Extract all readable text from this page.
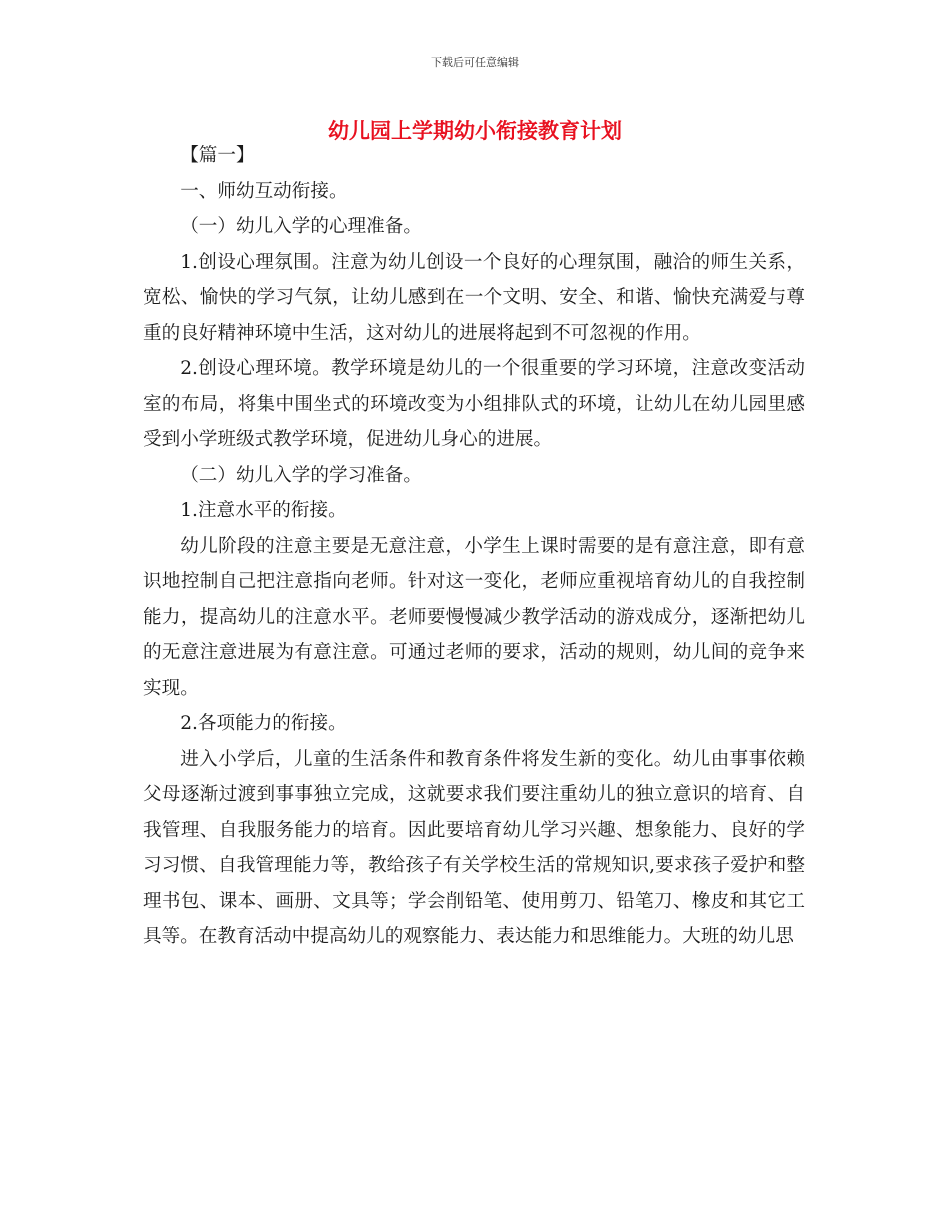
下载后可任意编辑
幼儿园上学期幼小衔接教育计划

【篇一】

一、师幼互动衔接。

（一）幼儿入学的心理准备。

1.创设心理氛围。注意为幼儿创设一个良好的心理氛围，融洽的师生关系，宽松、愉快的学习气氛，让幼儿感到在一个文明、安全、和谐、愉快充满爱与尊重的良好精神环境中生活，这对幼儿的进展将起到不可忽视的作用。

2.创设心理环境。教学环境是幼儿的一个很重要的学习环境，注意改变活动室的布局，将集中围坐式的环境改变为小组排队式的环境，让幼儿在幼儿园里感受到小学班级式教学环境，促进幼儿身心的进展。

（二）幼儿入学的学习准备。

1.注意水平的衔接。

幼儿阶段的注意主要是无意注意，小学生上课时需要的是有意注意，即有意识地控制自己把注意指向老师。针对这一变化，老师应重视培育幼儿的自我控制能力，提高幼儿的注意水平。老师要慢慢减少教学活动的游戏成分，逐渐把幼儿的无意注意进展为有意注意。可通过老师的要求，活动的规则，幼儿间的竞争来实现。

2.各项能力的衔接。

进入小学后，儿童的生活条件和教育条件将发生新的变化。幼儿由事事依赖父母逐渐过渡到事事独立完成，这就要求我们要注重幼儿的独立意识的培育、自我管理、自我服务能力的培育。因此要培育幼儿学习兴趣、想象能力、良好的学习习惯、自我管理能力等，教给孩子有关学校生活的常规知识,要求孩子爱护和整理书包、课本、画册、文具等；学会削铅笔、使用剪刀、铅笔刀、橡皮和其它工具等。在教育活动中提高幼儿的观察能力、表达能力和思维能力。大班的幼儿思
